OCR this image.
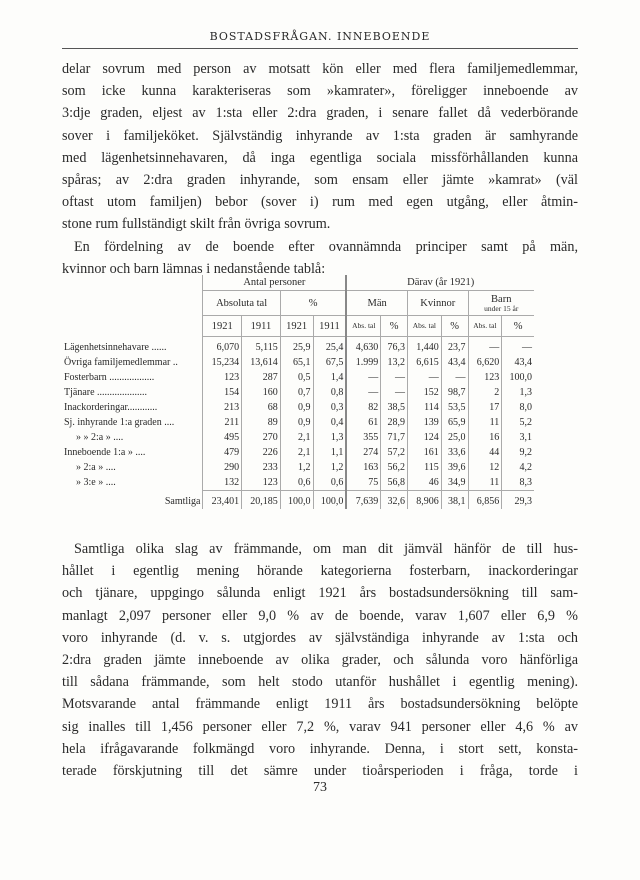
BOSTADSFRÅGAN. INNEBOENDE
delar sovrum med person av motsatt kön eller med flera familjemedlemmar,
som icke kunna karakteriseras som »kamrater», föreligger inneboende av
3:dje graden, eljest av 1:sta eller 2:dra graden, i senare fallet då vederbörande
sover i familjeköket. Självständig inhyrande av 1:sta graden är samhyrande
med lägenhetsinnehavaren, då inga egentliga sociala missförhållanden kunna
spåras; av 2:dra graden inhyrande, som ensam eller jämte »kamrat» (väl
oftast utom familjen) bebor (sover i) rum med egen utgång, eller åtmin-
stone rum fullständigt skilt från övriga sovrum.
En fördelning av de boende efter ovannämnda principer samt på män,
kvinnor och barn lämnas i nedanstående tablå:
	Antal personer				Därav (år 1921)					
	Absoluta tal		%		Män		Kvinnor		Barn
under 15 år	

	1921	1911	1921	1911	Abs. tal	%	Abs. tal	%	Abs. tal	%
Lägenhetsinnehavare ......	6,070	5,115	25,9	25,4	4,630	76,3	1,440	23,7	—	—
Övriga familjemedlemmar ..	15,234	13,614	65,1	67,5	1.999	13,2	6,615	43,4	6,620	43,4
Fosterbarn ..................	123	287	0,5	1,4	—	—	—	—	123	100,0
Tjänare ....................	154	160	0,7	0,8	—	—	152	98,7	2	1,3
Inackorderingar............	213	68	0,9	0,3	82	38,5	114	53,5	17	8,0
Sj. inhyrande 1:a graden ....	211	89	0,9	0,4	61	28,9	139	65,9	11	5,2
» » 2:a » ....	495	270	2,1	1,3	355	71,7	124	25,0	16	3,1
Inneboende 1:a » ....	479	226	2,1	1,1	274	57,2	161	33,6	44	9,2
» 2:a » ....	290	233	1,2	1,2	163	56,2	115	39,6	12	4,2
» 3:e » ....	132	123	0,6	0,6	75	56,8	46	34,9	11	8,3
Samtliga	23,401	20,185	100,0	100,0	7,639	32,6	8,906	38,1	6,856	29,3
Samtliga olika slag av främmande, om man dit jämväl hänför de till hus-
hållet i egentlig mening hörande kategorierna fosterbarn, inackorderingar
och tjänare, uppgingo sålunda enligt 1921 års bostadsundersökning till sam-
manlagt 2,097 personer eller 9,0 % av de boende, varav 1,607 eller 6,9 %
voro inhyrande (d. v. s. utgjordes av självständiga inhyrande av 1:sta och
2:dra graden jämte inneboende av olika grader, och sålunda voro hänförliga
till sådana främmande, som helt stodo utanför hushållet i egentlig mening).
Motsvarande antal främmande enligt 1911 års bostadsundersökning belöpte
sig inalles till 1,456 personer eller 7,2 %, varav 941 personer eller 4,6 % av
hela ifrågavarande folkmängd voro inhyrande. Denna, i stort sett, konsta-
terade förskjutning till det sämre under tioårsperioden i fråga, torde i
73
